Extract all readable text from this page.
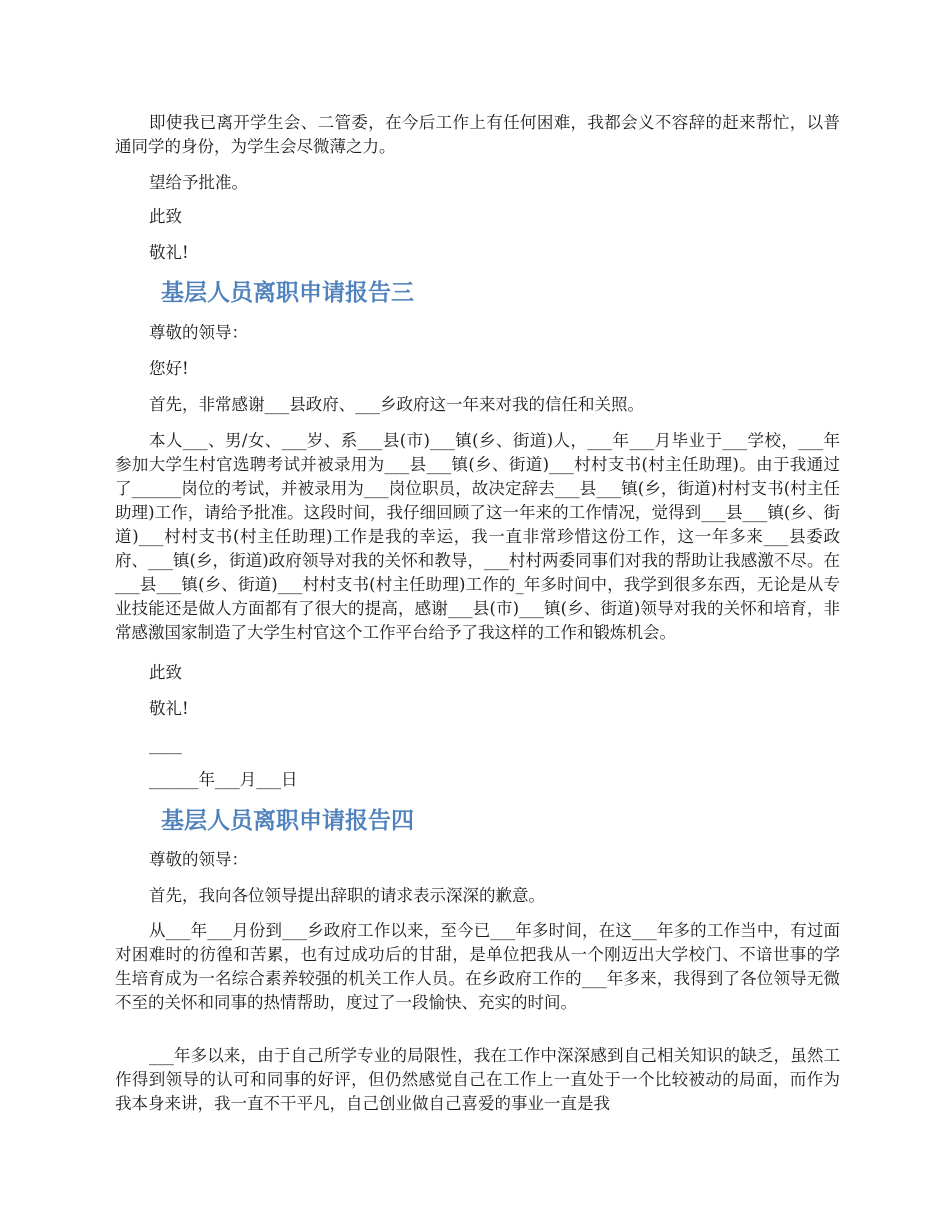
即使我已离开学生会、二管委，在今后工作上有任何困难，我都会义不容辞的赶来帮忙，以普通同学的身份，为学生会尽微薄之力。

望给予批准。

此致

敬礼!

基层人员离职申请报告三

尊敬的领导：

您好!

首先，非常感谢___县政府、___乡政府这一年来对我的信任和关照。

本人___、男/女、___岁、系___县(市)___镇(乡、街道)人，___年___月毕业于___学校，___年参加大学生村官选聘考试并被录用为___县___镇(乡、街道)___村村支书(村主任助理)。由于我通过了______岗位的考试，并被录用为___岗位职员，故决定辞去___县___镇(乡，街道)村村支书(村主任助理)工作，请给予批准。这段时间，我仔细回顾了这一年来的工作情况，觉得到___县___镇(乡、街道)___村村支书(村主任助理)工作是我的幸运，我一直非常珍惜这份工作，这一年多来___县委政府、___镇(乡，街道)政府领导对我的关怀和教导，___村村两委同事们对我的帮助让我感激不尽。在___县___镇(乡、街道)___村村支书(村主任助理)工作的_年多时间中，我学到很多东西，无论是从专业技能还是做人方面都有了很大的提高，感谢___县(市)___镇(乡、街道)领导对我的关怀和培育，非常感激国家制造了大学生村官这个工作平台给予了我这样的工作和锻炼机会。

此致

敬礼!

____

______年___月___日

基层人员离职申请报告四

尊敬的领导：

首先，我向各位领导提出辞职的请求表示深深的歉意。

从___年___月份到___乡政府工作以来，至今已___年多时间，在这___年多的工作当中，有过面对困难时的彷徨和苦累，也有过成功后的甘甜，是单位把我从一个刚迈出大学校门、不谙世事的学生培育成为一名综合素养较强的机关工作人员。在乡政府工作的___年多来，我得到了各位领导无微不至的关怀和同事的热情帮助，度过了一段愉快、充实的时间。

___年多以来，由于自己所学专业的局限性，我在工作中深深感到自己相关知识的缺乏，虽然工作得到领导的认可和同事的好评，但仍然感觉自己在工作上一直处于一个比较被动的局面，而作为我本身来讲，我一直不干平凡，自己创业做自己喜爱的事业一直是我
